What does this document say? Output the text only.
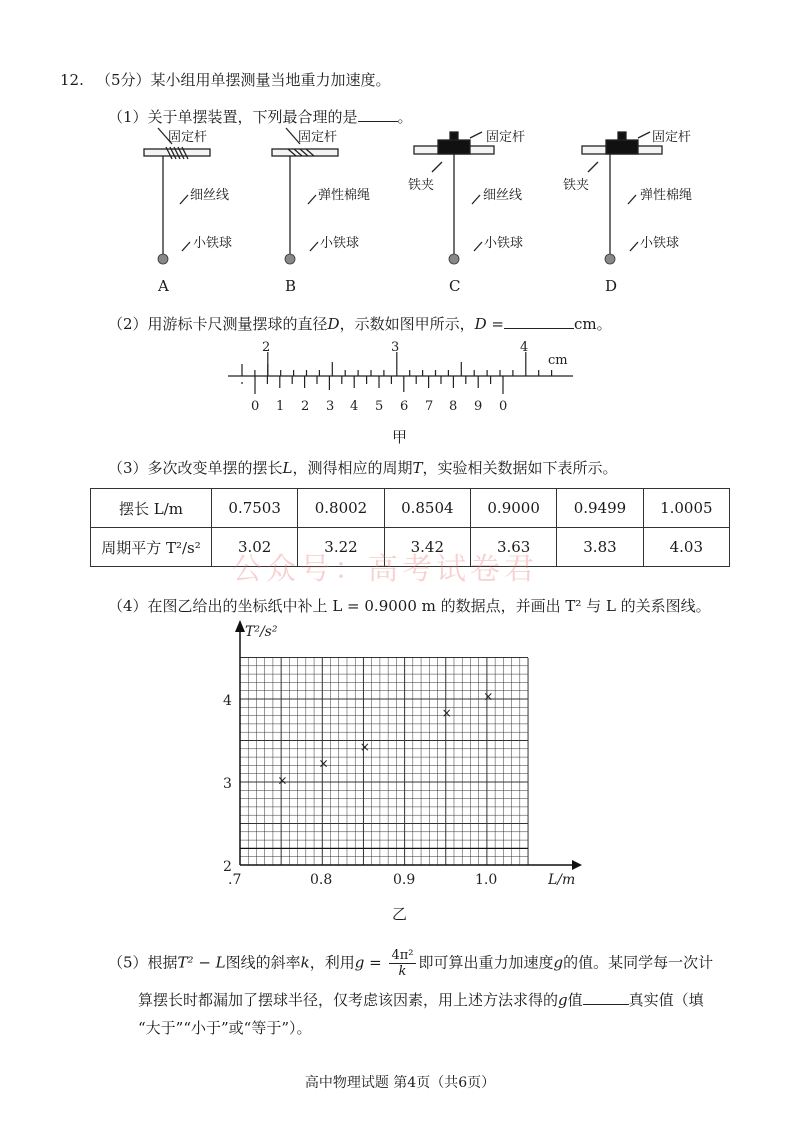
12. （5分）某小组用单摆测量当地重力加速度。
（1）关于单摆装置，下列最合理的是	。
固定杆	固定杆	固定杆	固定杆
铁夹	铁夹
细丝线	弹性棉绳	细丝线	弹性棉绳
小铁球	小铁球	小铁球	小铁球
A	B	C	D
（2）用游标卡尺测量摆球的直径D，示数如图甲所示，D =	cm。
2	3	4
cm
0 1 2 3 4 5 6 7 8 9 0
甲
（3）多次改变单摆的摆长L，测得相应的周期T，实验相关数据如下表所示。
摆长 L/m	0.7503	0.8002	0.8504	0.9000	0.9499	1.0005
周期平方 T²/s²	3.02	3.22	3.42	3.63	3.83	4.03
公众号：高考试卷君
（4）在图乙给出的坐标纸中补上 L = 0.9000 m 的数据点，并画出 T² 与 L 的关系图线。
×
×
×
×
×
T²/s²
L/m
4
3
2
.7	0.8	0.9	1.0
乙
（5）根据T² − L图线的斜率k，利用$g = \frac{\text{4π²}}{k}$ 即可算出重力加速度g的值。某同学每一次计
算摆长时都漏加了摆球半径，仅考虑该因素，用上述方法求得的g值	真实值（填
“大于”“小于”或“等于”）。
高中物理试题 第4页（共6页）
